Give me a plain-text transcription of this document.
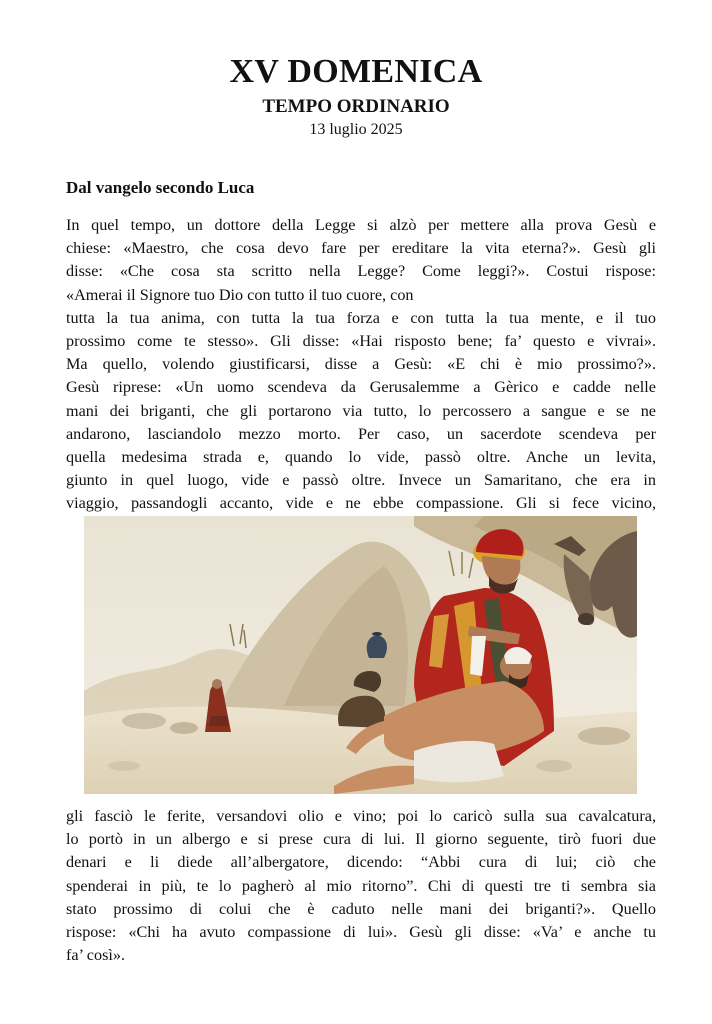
XV DOMENICA
TEMPO ORDINARIO
13 luglio 2025
Dal vangelo secondo Luca
In quel tempo, un dottore della Legge si alzò per mettere alla prova Gesù e
chiese: «Maestro, che cosa devo fare per ereditare la vita eterna?». Gesù gli
disse: «Che cosa sta scritto nella Legge? Come leggi?». Costui rispose:
«Amerai il Signore tuo Dio con tutto il tuo cuore, con
tutta la tua anima, con tutta la tua forza e con tutta la tua mente, e il tuo
prossimo come te stesso». Gli disse: «Hai risposto bene; fa’ questo e vivrai».
Ma quello, volendo giustificarsi, disse a Gesù: «E chi è mio prossimo?».
Gesù riprese: «Un uomo scendeva da Gerusalemme a Gèrico e cadde nelle
mani dei briganti, che gli portarono via tutto, lo percossero a sangue e se ne
andarono, lasciandolo mezzo morto. Per caso, un sacerdote scendeva per
quella medesima strada e, quando lo vide, passò oltre. Anche un levita,
giunto in quel luogo, vide e passò oltre. Invece un Samaritano, che era in
viaggio, passandogli accanto, vide e ne ebbe compassione. Gli si fece vicino,
gli fasciò le ferite, versandovi olio e vino; poi lo caricò sulla sua cavalcatura,
lo portò in un albergo e si prese cura di lui. Il giorno seguente, tirò fuori due
denari e li diede all’albergatore, dicendo: “Abbi cura di lui; ciò che
spenderai in più, te lo pagherò al mio ritorno”. Chi di questi tre ti sembra sia
stato prossimo di colui che è caduto nelle mani dei briganti?». Quello
rispose: «Chi ha avuto compassione di lui». Gesù gli disse: «Va’ e anche tu
fa’ così».
